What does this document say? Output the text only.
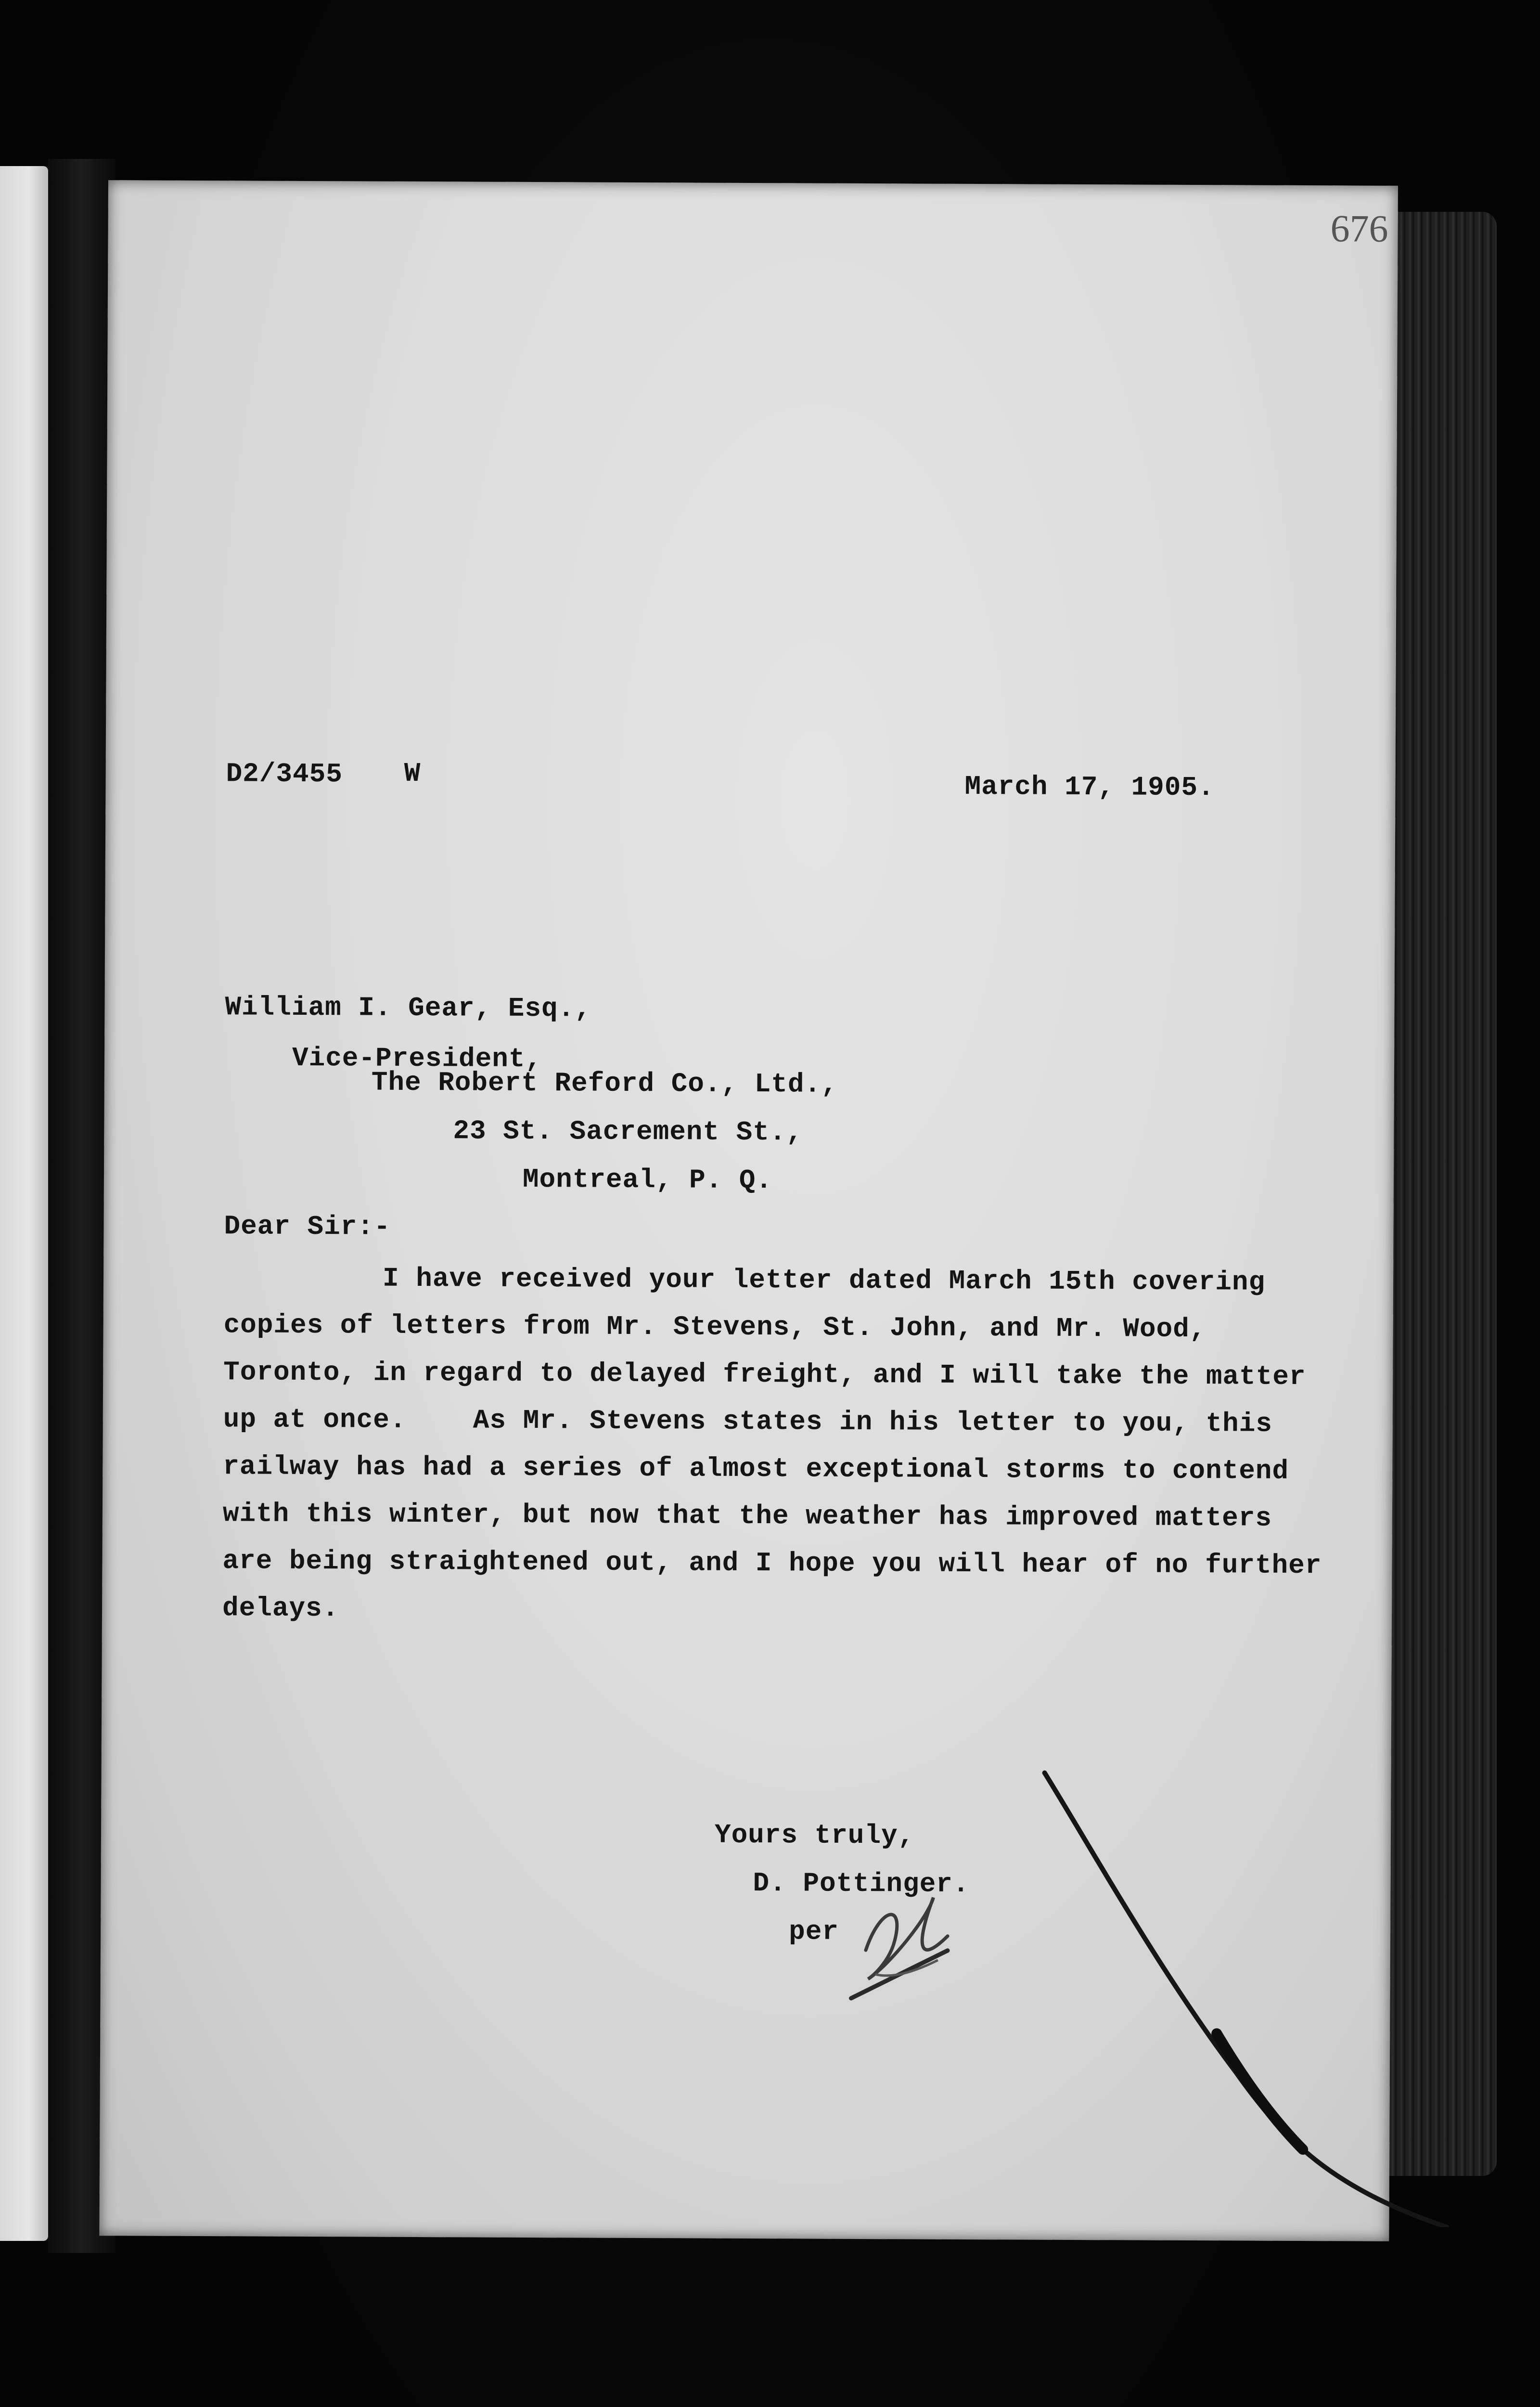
676
D2/3455 W	March 17, 1905.
William I. Gear, Esq.,
Vice-President,
The Robert Reford Co., Ltd.,
23 St. Sacrement St.,
Montreal, P. Q.
Dear Sir:-
I have received your letter dated March 15th covering
copies of letters from Mr. Stevens, St. John, and Mr. Wood,
Toronto, in regard to delayed freight, and I will take the matter
up at once.    As Mr. Stevens states in his letter to you, this
railway has had a series of almost exceptional storms to contend
with this winter, but now that the weather has improved matters
are being straightened out, and I hope you will hear of no further
delays.
Yours truly,
D. Pottinger.
per
